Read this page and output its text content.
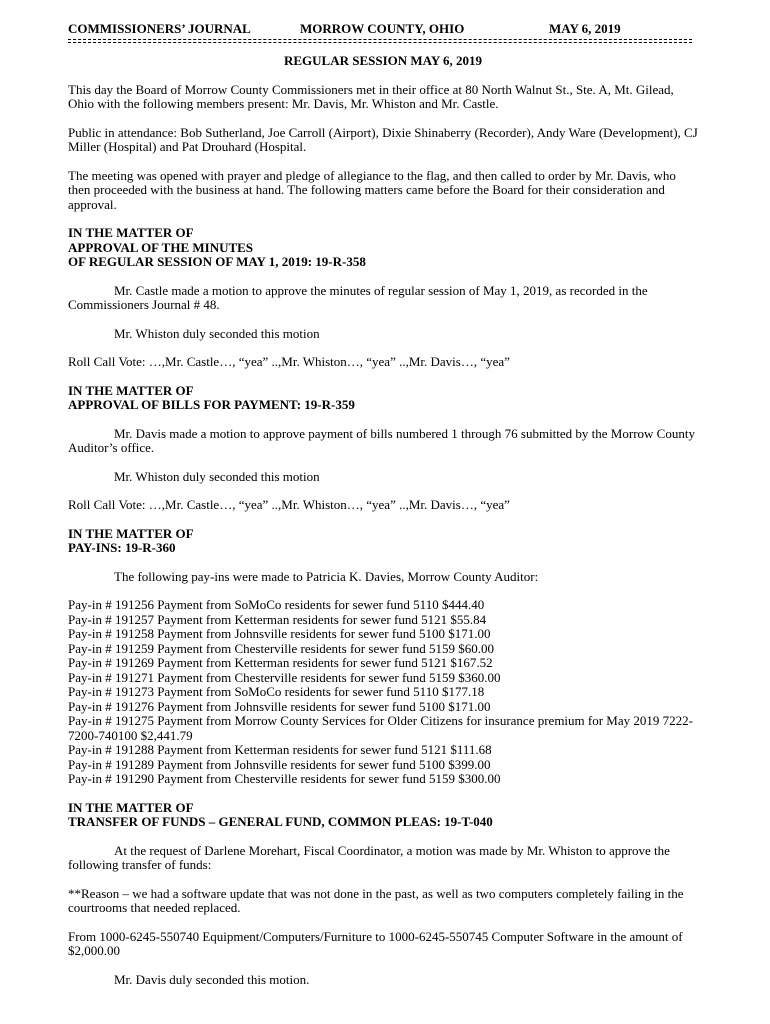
COMMISSIONERS’ JOURNAL	MORROW COUNTY, OHIO	MAY 6, 2019
REGULAR SESSION MAY 6, 2019

This day the Board of Morrow County Commissioners met in their office at 80 North Walnut St., Ste. A, Mt. Gilead, Ohio with the following members present: Mr. Davis, Mr. Whiston and Mr. Castle.

Public in attendance: Bob Sutherland, Joe Carroll (Airport), Dixie Shinaberry (Recorder), Andy Ware (Development), CJ Miller (Hospital) and Pat Drouhard (Hospital.

The meeting was opened with prayer and pledge of allegiance to the flag, and then called to order by Mr. Davis, who then proceeded with the business at hand. The following matters came before the Board for their consideration and approval.

IN THE MATTER OF
APPROVAL OF THE MINUTES
OF REGULAR SESSION OF MAY 1, 2019: 19-R-358

Mr. Castle made a motion to approve the minutes of regular session of May 1, 2019, as recorded in the Commissioners Journal # 48.

Mr. Whiston duly seconded this motion

Roll Call Vote: …,Mr. Castle…, “yea” ..,Mr. Whiston…, “yea” ..,Mr. Davis…, “yea”

IN THE MATTER OF
APPROVAL OF BILLS FOR PAYMENT: 19-R-359

Mr. Davis made a motion to approve payment of bills numbered 1 through 76 submitted by the Morrow County Auditor’s office.

Mr. Whiston duly seconded this motion

Roll Call Vote: …,Mr. Castle…, “yea” ..,Mr. Whiston…, “yea” ..,Mr. Davis…, “yea”

IN THE MATTER OF
PAY-INS: 19-R-360

The following pay-ins were made to Patricia K. Davies, Morrow County Auditor:

Pay-in # 191256 Payment from SoMoCo residents for sewer fund 5110 $444.40
Pay-in # 191257 Payment from Ketterman residents for sewer fund 5121 $55.84
Pay-in # 191258 Payment from Johnsville residents for sewer fund 5100 $171.00
Pay-in # 191259 Payment from Chesterville residents for sewer fund 5159 $60.00
Pay-in # 191269 Payment from Ketterman residents for sewer fund 5121 $167.52
Pay-in # 191271 Payment from Chesterville residents for sewer fund 5159 $360.00
Pay-in # 191273 Payment from SoMoCo residents for sewer fund 5110 $177.18
Pay-in # 191276 Payment from Johnsville residents for sewer fund 5100 $171.00
Pay-in # 191275 Payment from Morrow County Services for Older Citizens for insurance premium for May 2019 7222-7200-740100 $2,441.79
Pay-in # 191288 Payment from Ketterman residents for sewer fund 5121 $111.68
Pay-in # 191289 Payment from Johnsville residents for sewer fund 5100 $399.00
Pay-in # 191290 Payment from Chesterville residents for sewer fund 5159 $300.00
IN THE MATTER OF
TRANSFER OF FUNDS – GENERAL FUND, COMMON PLEAS: 19-T-040

At the request of Darlene Morehart, Fiscal Coordinator, a motion was made by Mr. Whiston to approve the following transfer of funds:

**Reason – we had a software update that was not done in the past, as well as two computers completely failing in the courtrooms that needed replaced.

From 1000-6245-550740 Equipment/Computers/Furniture to 1000-6245-550745 Computer Software in the amount of $2,000.00

Mr. Davis duly seconded this motion.
